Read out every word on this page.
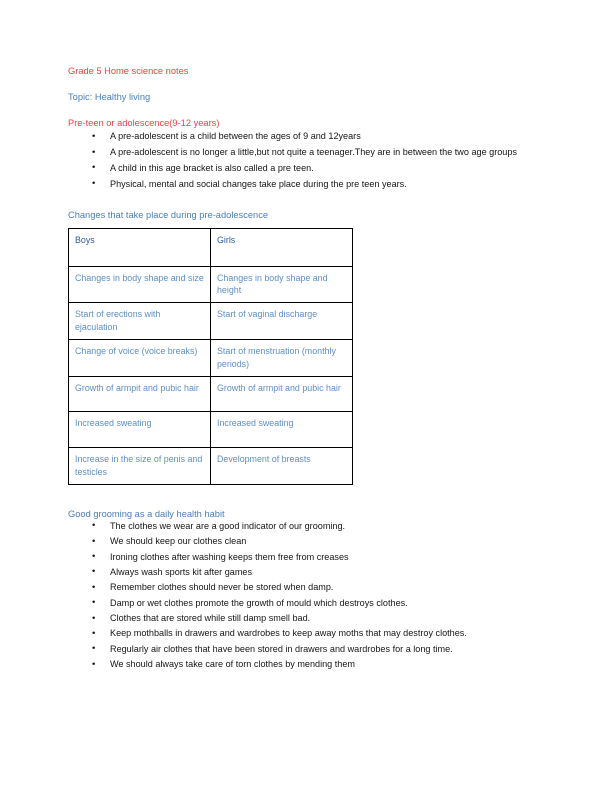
Grade 5 Home science notes
Topic: Healthy living
Pre-teen or adolescence(9-12 years)
• A pre-adolescent is a child between the ages of 9 and 12years
• A pre-adolescent is no longer a little,but not quite a teenager.They are in between the two age groups
• A child in this age bracket is also called a pre teen.
• Physical, mental and social changes take place during the pre teen years.
Changes that take place during pre-adolescence
Boys	Girls
Changes in body shape and size	Changes in body shape and height
Start of erections with ejaculation	Start of vaginal discharge
Change of voice (voice breaks)	Start of menstruation (monthly periods)
Growth of armpit and pubic hair	Growth of armpit and pubic hair
Increased sweating	Increased sweating
Increase in the size of penis and testicles	Development of breasts
Good grooming as a daily health habit
• The clothes we wear are a good indicator of our grooming.
• We should keep our clothes clean
• Ironing clothes after washing keeps them free from creases
• Always wash sports kit after games
• Remember clothes should never be stored when damp.
• Damp or wet clothes promote the growth of mould which destroys clothes.
• Clothes that are stored while still damp smell bad.
• Keep mothballs in drawers and wardrobes to keep away moths that may destroy clothes.
• Regularly air clothes that have been stored in drawers and wardrobes for a long time.
• We should always take care of torn clothes by mending them
